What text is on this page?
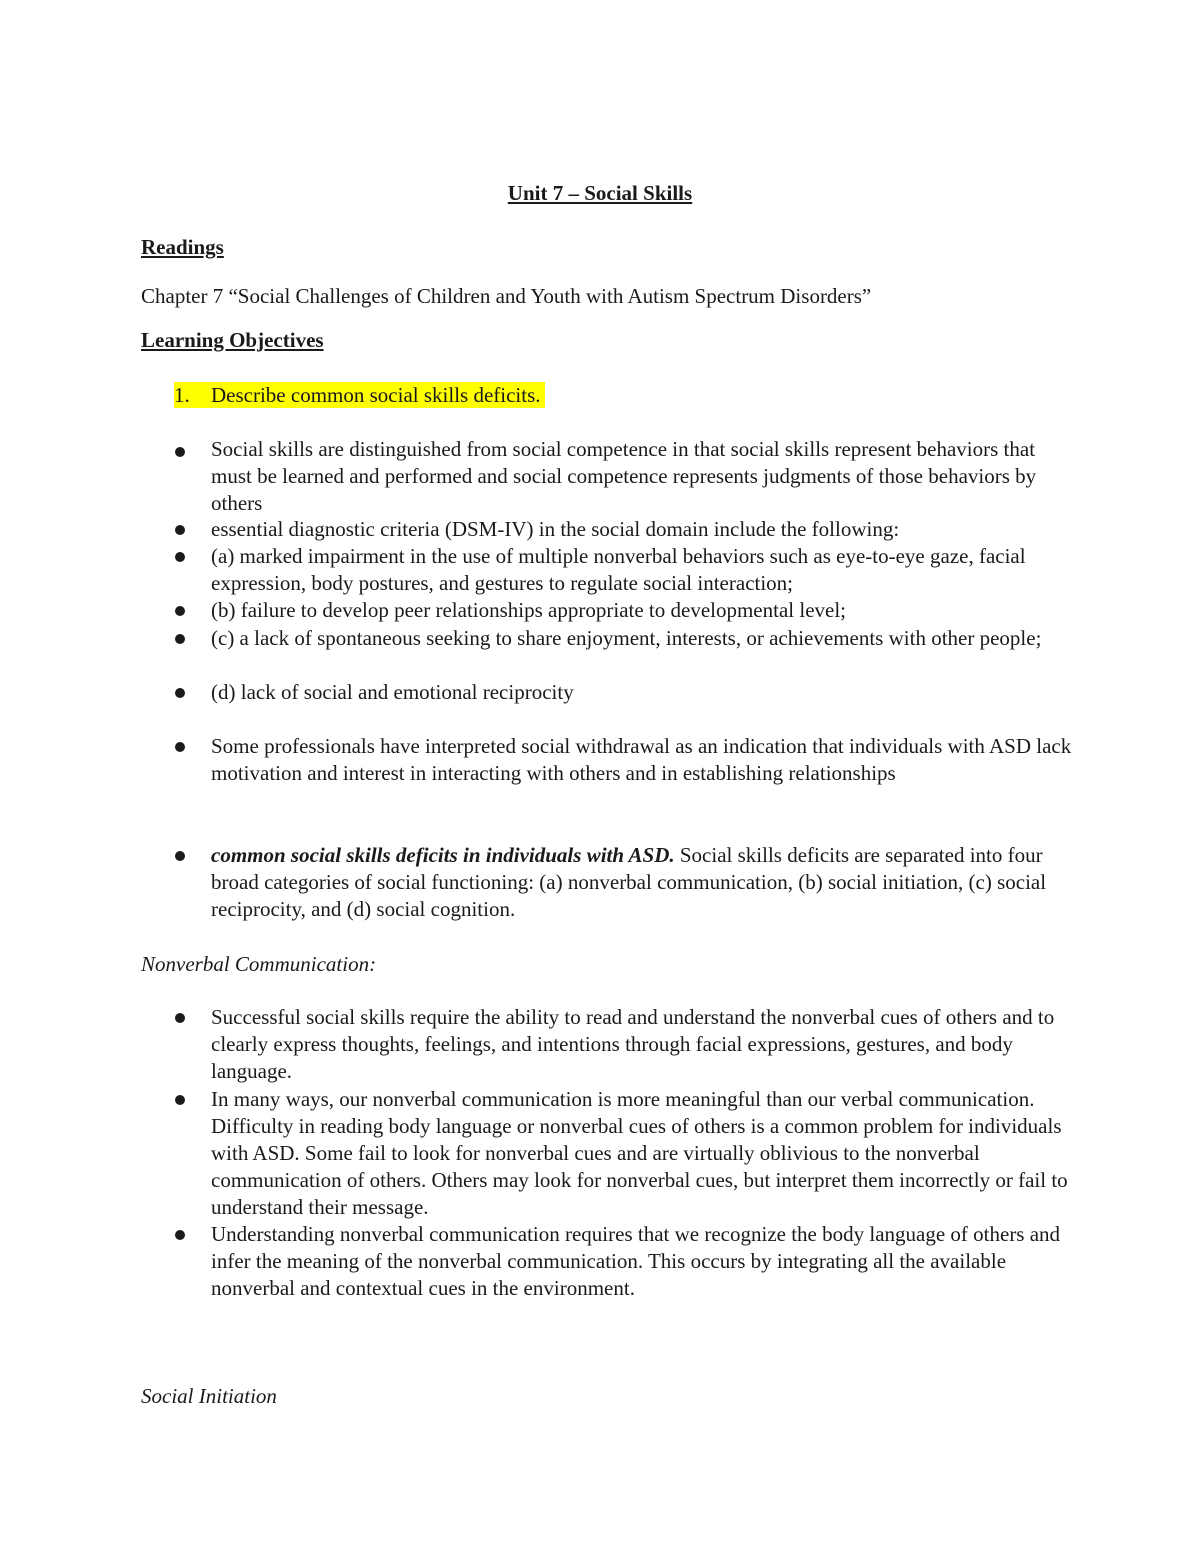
Unit 7 – Social Skills
Readings
Chapter 7 “Social Challenges of Children and Youth with Autism Spectrum Disorders”
Learning Objectives
1. Describe common social skills deficits.
Social skills are distinguished from social competence in that social skills represent behaviors that must be learned and performed and social competence represents judgments of those behaviors by others
essential diagnostic criteria (DSM-IV) in the social domain include the following:
(a) marked impairment in the use of multiple nonverbal behaviors such as eye-to-eye gaze, facial expression, body postures, and gestures to regulate social interaction;
(b) failure to develop peer relationships appropriate to developmental level;
(c) a lack of spontaneous seeking to share enjoyment, interests, or achievements with other people;
(d) lack of social and emotional reciprocity
Some professionals have interpreted social withdrawal as an indication that individuals with ASD lack motivation and interest in interacting with others and in establishing relationships
common social skills deficits in individuals with ASD. Social skills deficits are separated into four broad categories of social functioning: (a) nonverbal communication, (b) social initiation, (c) social reciprocity, and (d) social cognition.
Nonverbal Communication:
Successful social skills require the ability to read and understand the nonverbal cues of others and to clearly express thoughts, feelings, and intentions through facial expressions, gestures, and body language.
In many ways, our nonverbal communication is more meaningful than our verbal communication. Difficulty in reading body language or nonverbal cues of others is a common problem for individuals with ASD. Some fail to look for nonverbal cues and are virtually oblivious to the nonverbal communication of others. Others may look for nonverbal cues, but interpret them incorrectly or fail to understand their message.
Understanding nonverbal communication requires that we recognize the body language of others and infer the meaning of the nonverbal communication. This occurs by integrating all the available nonverbal and contextual cues in the environment.
Social Initiation
